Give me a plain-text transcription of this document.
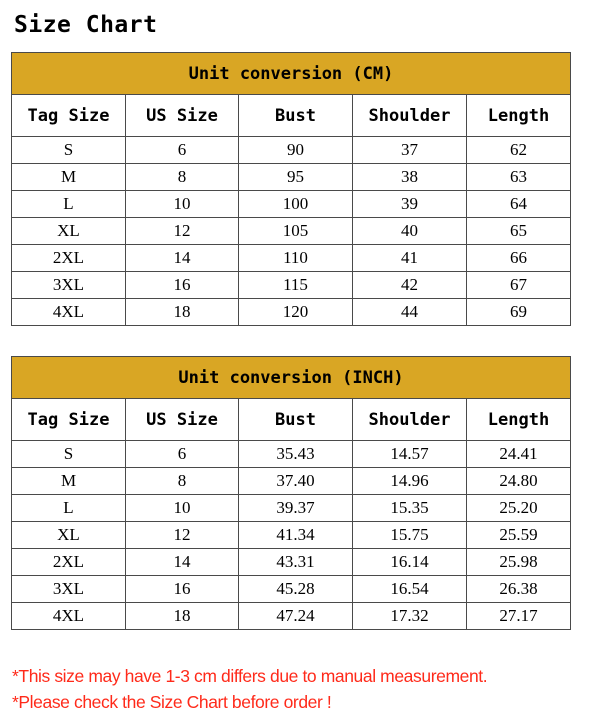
Size Chart
Unit conversion (CM)				
Tag Size	US Size	Bust	Shoulder	Length
S	6	90	37	62
M	8	95	38	63
L	10	100	39	64
XL	12	105	40	65
2XL	14	110	41	66
3XL	16	115	42	67
4XL	18	120	44	69
Unit conversion (INCH)				
Tag Size	US Size	Bust	Shoulder	Length
S	6	35.43	14.57	24.41
M	8	37.40	14.96	24.80
L	10	39.37	15.35	25.20
XL	12	41.34	15.75	25.59
2XL	14	43.31	16.14	25.98
3XL	16	45.28	16.54	26.38
4XL	18	47.24	17.32	27.17
*This size may have 1-3 cm differs due to manual measurement.
*Please check the Size Chart before order !
